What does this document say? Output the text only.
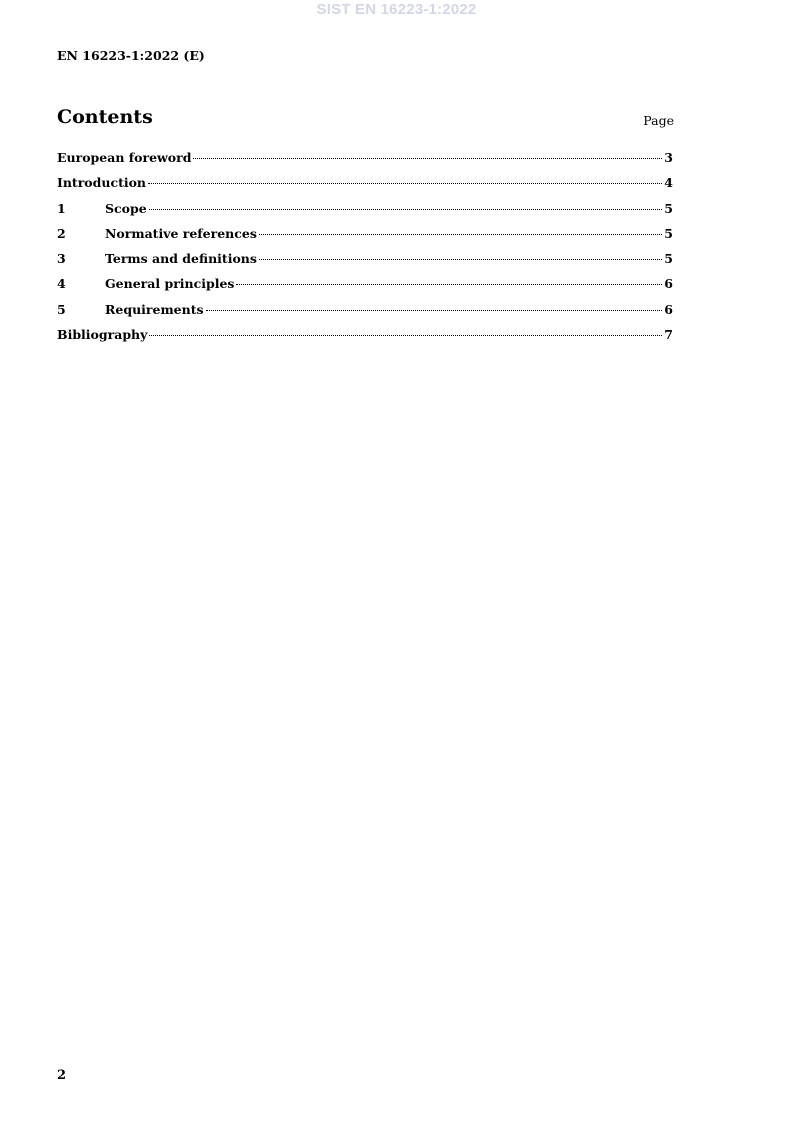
SIST EN 16223-1:2022
EN 16223-1:2022 (E)
Contents	Page
European foreword	3
Introduction	4
1	Scope	5
2	Normative references	5
3	Terms and definitions	5
4	General principles	6
5	Requirements	6
Bibliography	7
2
